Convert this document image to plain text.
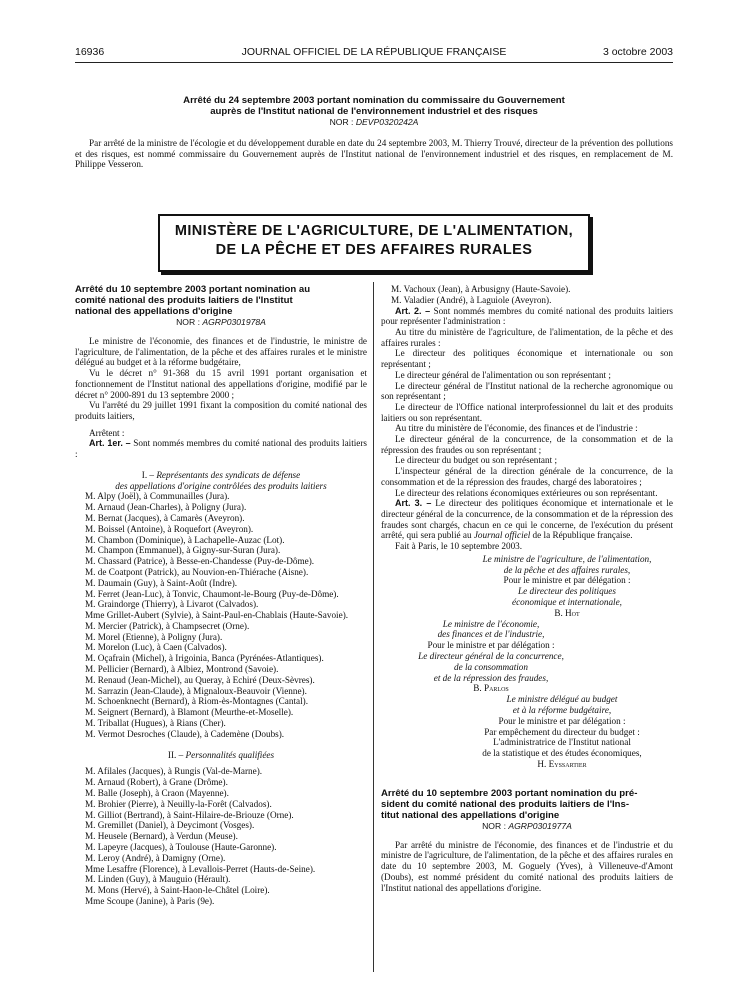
16936	JOURNAL OFFICIEL DE LA RÉPUBLIQUE FRANÇAISE	3 octobre 2003

Arrêté du 24 septembre 2003 portant nomination du commissaire du Gouvernement

auprès de l'Institut national de l'environnement industriel et des risques

NOR : DEVP0320242A

Par arrêté de la ministre de l'écologie et du développement durable en date du 24 septembre 2003, M. Thierry Trouvé, directeur de la prévention des pollutions et des risques, est nommé commissaire du Gouvernement auprès de l'Institut national de l'environnement industriel et des risques, en remplacement de M. Philippe Vesseron.

MINISTÈRE DE L'AGRICULTURE, DE L'ALIMENTATION,
DE LA PÊCHE ET DES AFFAIRES RURALES

Arrêté du 10 septembre 2003 portant nomination au

comité national des produits laitiers de l'Institut

national des appellations d'origine

NOR : AGRP0301978A

Le ministre de l'économie, des finances et de l'industrie, le ministre de l'agriculture, de l'alimentation, de la pêche et des affaires rurales et le ministre délégué au budget et à la réforme budgétaire,

Vu le décret n° 91-368 du 15 avril 1991 portant organisation et fonctionnement de l'Institut national des appellations d'origine, modifié par le décret n° 2000-891 du 13 septembre 2000 ;

Vu l'arrêté du 29 juillet 1991 fixant la composition du comité national des produits laitiers,

Arrêtent :

Art. 1er. – Sont nommés membres du comité national des produits laitiers :

I. – Représentants des syndicats de défense
des appellations d'origine contrôlées des produits laitiers
M. Alpy (Joël), à Communailles (Jura).
M. Arnaud (Jean-Charles), à Poligny (Jura).
M. Bernat (Jacques), à Camarès (Aveyron).
M. Boissel (Antoine), à Roquefort (Aveyron).
M. Chambon (Dominique), à Lachapelle-Auzac (Lot).
M. Champon (Emmanuel), à Gigny-sur-Suran (Jura).
M. Chassard (Patrice), à Besse-en-Chandesse (Puy-de-Dôme).
M. de Coatpont (Patrick), au Nouvion-en-Thiérache (Aisne).
M. Daumain (Guy), à Saint-Août (Indre).
M. Ferret (Jean-Luc), à Tonvic, Chaumont-le-Bourg (Puy-de-Dôme).
M. Graindorge (Thierry), à Livarot (Calvados).
Mme Grillet-Aubert (Sylvie), à Saint-Paul-en-Chablais (Haute-Savoie).
M. Mercier (Patrick), à Champsecret (Orne).
M. Morel (Etienne), à Poligny (Jura).
M. Morelon (Luc), à Caen (Calvados).
M. Oçafrain (Michel), à Irigoinia, Banca (Pyrénées-Atlantiques).
M. Pellicier (Bernard), à Albiez, Montrond (Savoie).
M. Renaud (Jean-Michel), au Queray, à Echiré (Deux-Sèvres).
M. Sarrazin (Jean-Claude), à Mignaloux-Beauvoir (Vienne).
M. Schoenknecht (Bernard), à Riom-ès-Montagnes (Cantal).
M. Seignert (Bernard), à Blamont (Meurthe-et-Moselle).
M. Triballat (Hugues), à Rians (Cher).
M. Vermot Desroches (Claude), à Cademène (Doubs).
II. – Personnalités qualifiées
M. Afilales (Jacques), à Rungis (Val-de-Marne).
M. Arnaud (Robert), à Grane (Drôme).
M. Balle (Joseph), à Craon (Mayenne).
M. Brohier (Pierre), à Neuilly-la-Forêt (Calvados).
M. Gilliot (Bertrand), à Saint-Hilaire-de-Briouze (Orne).
M. Gremillet (Daniel), à Deycimont (Vosges).
M. Heusele (Bernard), à Verdun (Meuse).
M. Lapeyre (Jacques), à Toulouse (Haute-Garonne).
M. Leroy (André), à Damigny (Orne).
Mme Lesaffre (Florence), à Levallois-Perret (Hauts-de-Seine).
M. Linden (Guy), à Mauguio (Hérault).
M. Mons (Hervé), à Saint-Haon-le-Châtel (Loire).
Mme Scoupe (Janine), à Paris (9e).
M. Vachoux (Jean), à Arbusigny (Haute-Savoie).
M. Valadier (André), à Laguiole (Aveyron).

Art. 2. – Sont nommés membres du comité national des produits laitiers pour représenter l'administration :

Au titre du ministère de l'agriculture, de l'alimentation, de la pêche et des affaires rurales :

Le directeur des politiques économique et internationale ou son représentant ;

Le directeur général de l'alimentation ou son représentant ;

Le directeur général de l'Institut national de la recherche agronomique ou son représentant ;

Le directeur de l'Office national interprofessionnel du lait et des produits laitiers ou son représentant.

Au titre du ministère de l'économie, des finances et de l'industrie :

Le directeur général de la concurrence, de la consommation et de la répression des fraudes ou son représentant ;

Le directeur du budget ou son représentant ;

L'inspecteur général de la direction générale de la concurrence, de la consommation et de la répression des fraudes, chargé des laboratoires ;

Le directeur des relations économiques extérieures ou son représentant.

Art. 3. – Le directeur des politiques économique et internationale et le directeur général de la concurrence, de la consommation et de la répression des fraudes sont chargés, chacun en ce qui le concerne, de l'exécution du présent arrêté, qui sera publié au Journal officiel de la République française.

Fait à Paris, le 10 septembre 2003.

Le ministre de l'agriculture, de l'alimentation,
de la pêche et des affaires rurales,
Pour le ministre et par délégation :
Le directeur des politiques
économique et internationale,
B. Hot
Le ministre de l'économie,
des finances et de l'industrie,
Pour le ministre et par délégation :
Le directeur général de la concurrence,
de la consommation
et de la répression des fraudes,
B. Parlos
Le ministre délégué au budget
et à la réforme budgétaire,
Pour le ministre et par délégation :
Par empêchement du directeur du budget :
L'administratrice de l'Institut national
de la statistique et des études économiques,
H. Eyssartier

Arrêté du 10 septembre 2003 portant nomination du pré-

sident du comité national des produits laitiers de l'Ins-

titut national des appellations d'origine

NOR : AGRP0301977A

Par arrêté du ministre de l'économie, des finances et de l'industrie et du ministre de l'agriculture, de l'alimentation, de la pêche et des affaires rurales en date du 10 septembre 2003, M. Goguely (Yves), à Villeneuve-d'Amont (Doubs), est nommé président du comité national des produits laitiers de l'Institut national des appellations d'origine.
